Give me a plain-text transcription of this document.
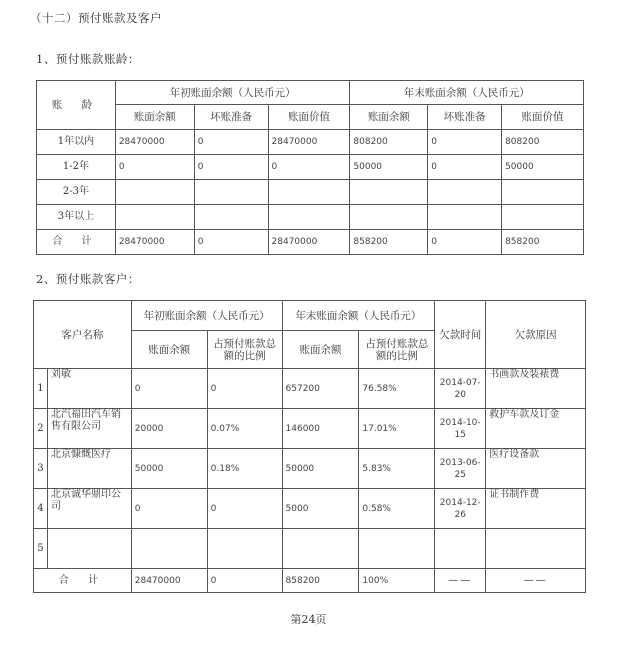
（十二）预付账款及客户
1、预付账款账龄：
账 龄	年初账面余额（人民币元）			年末账面余额（人民币元）		
	账面余额	坏账准备	账面价值	账面余额	坏账准备	账面价值
1年以内	28470000	0	28470000	808200	0	808200
1-2年	0	0	0	50000	0	50000
2-3年						
3年以上						
合 计	28470000	0	28470000	858200	0	858200
2、预付账款客户：
客户名称		年初账面余额（人民币元）		年末账面余额（人民币元）		欠款时间	欠款原因
		账面余额	占预付账款总额的比例	账面余额	占预付账款总额的比例		
1	刘敏	0	0	657200	76.58%	2014-07-20	书画款及装裱费
2	北汽福田汽车销售有限公司	20000	0.07%	146000	17.01%	2014-10-15	救护车款及订金
3	北京慷慨医疗	50000	0.18%	50000	5.83%	2013-06-25	医疗设备款
4	北京诚华鼎印公司	0	0	5000	0.58%	2014-12-26	证书制作费
5							
合 计		28470000	0	858200	100%	——	——
第24页
